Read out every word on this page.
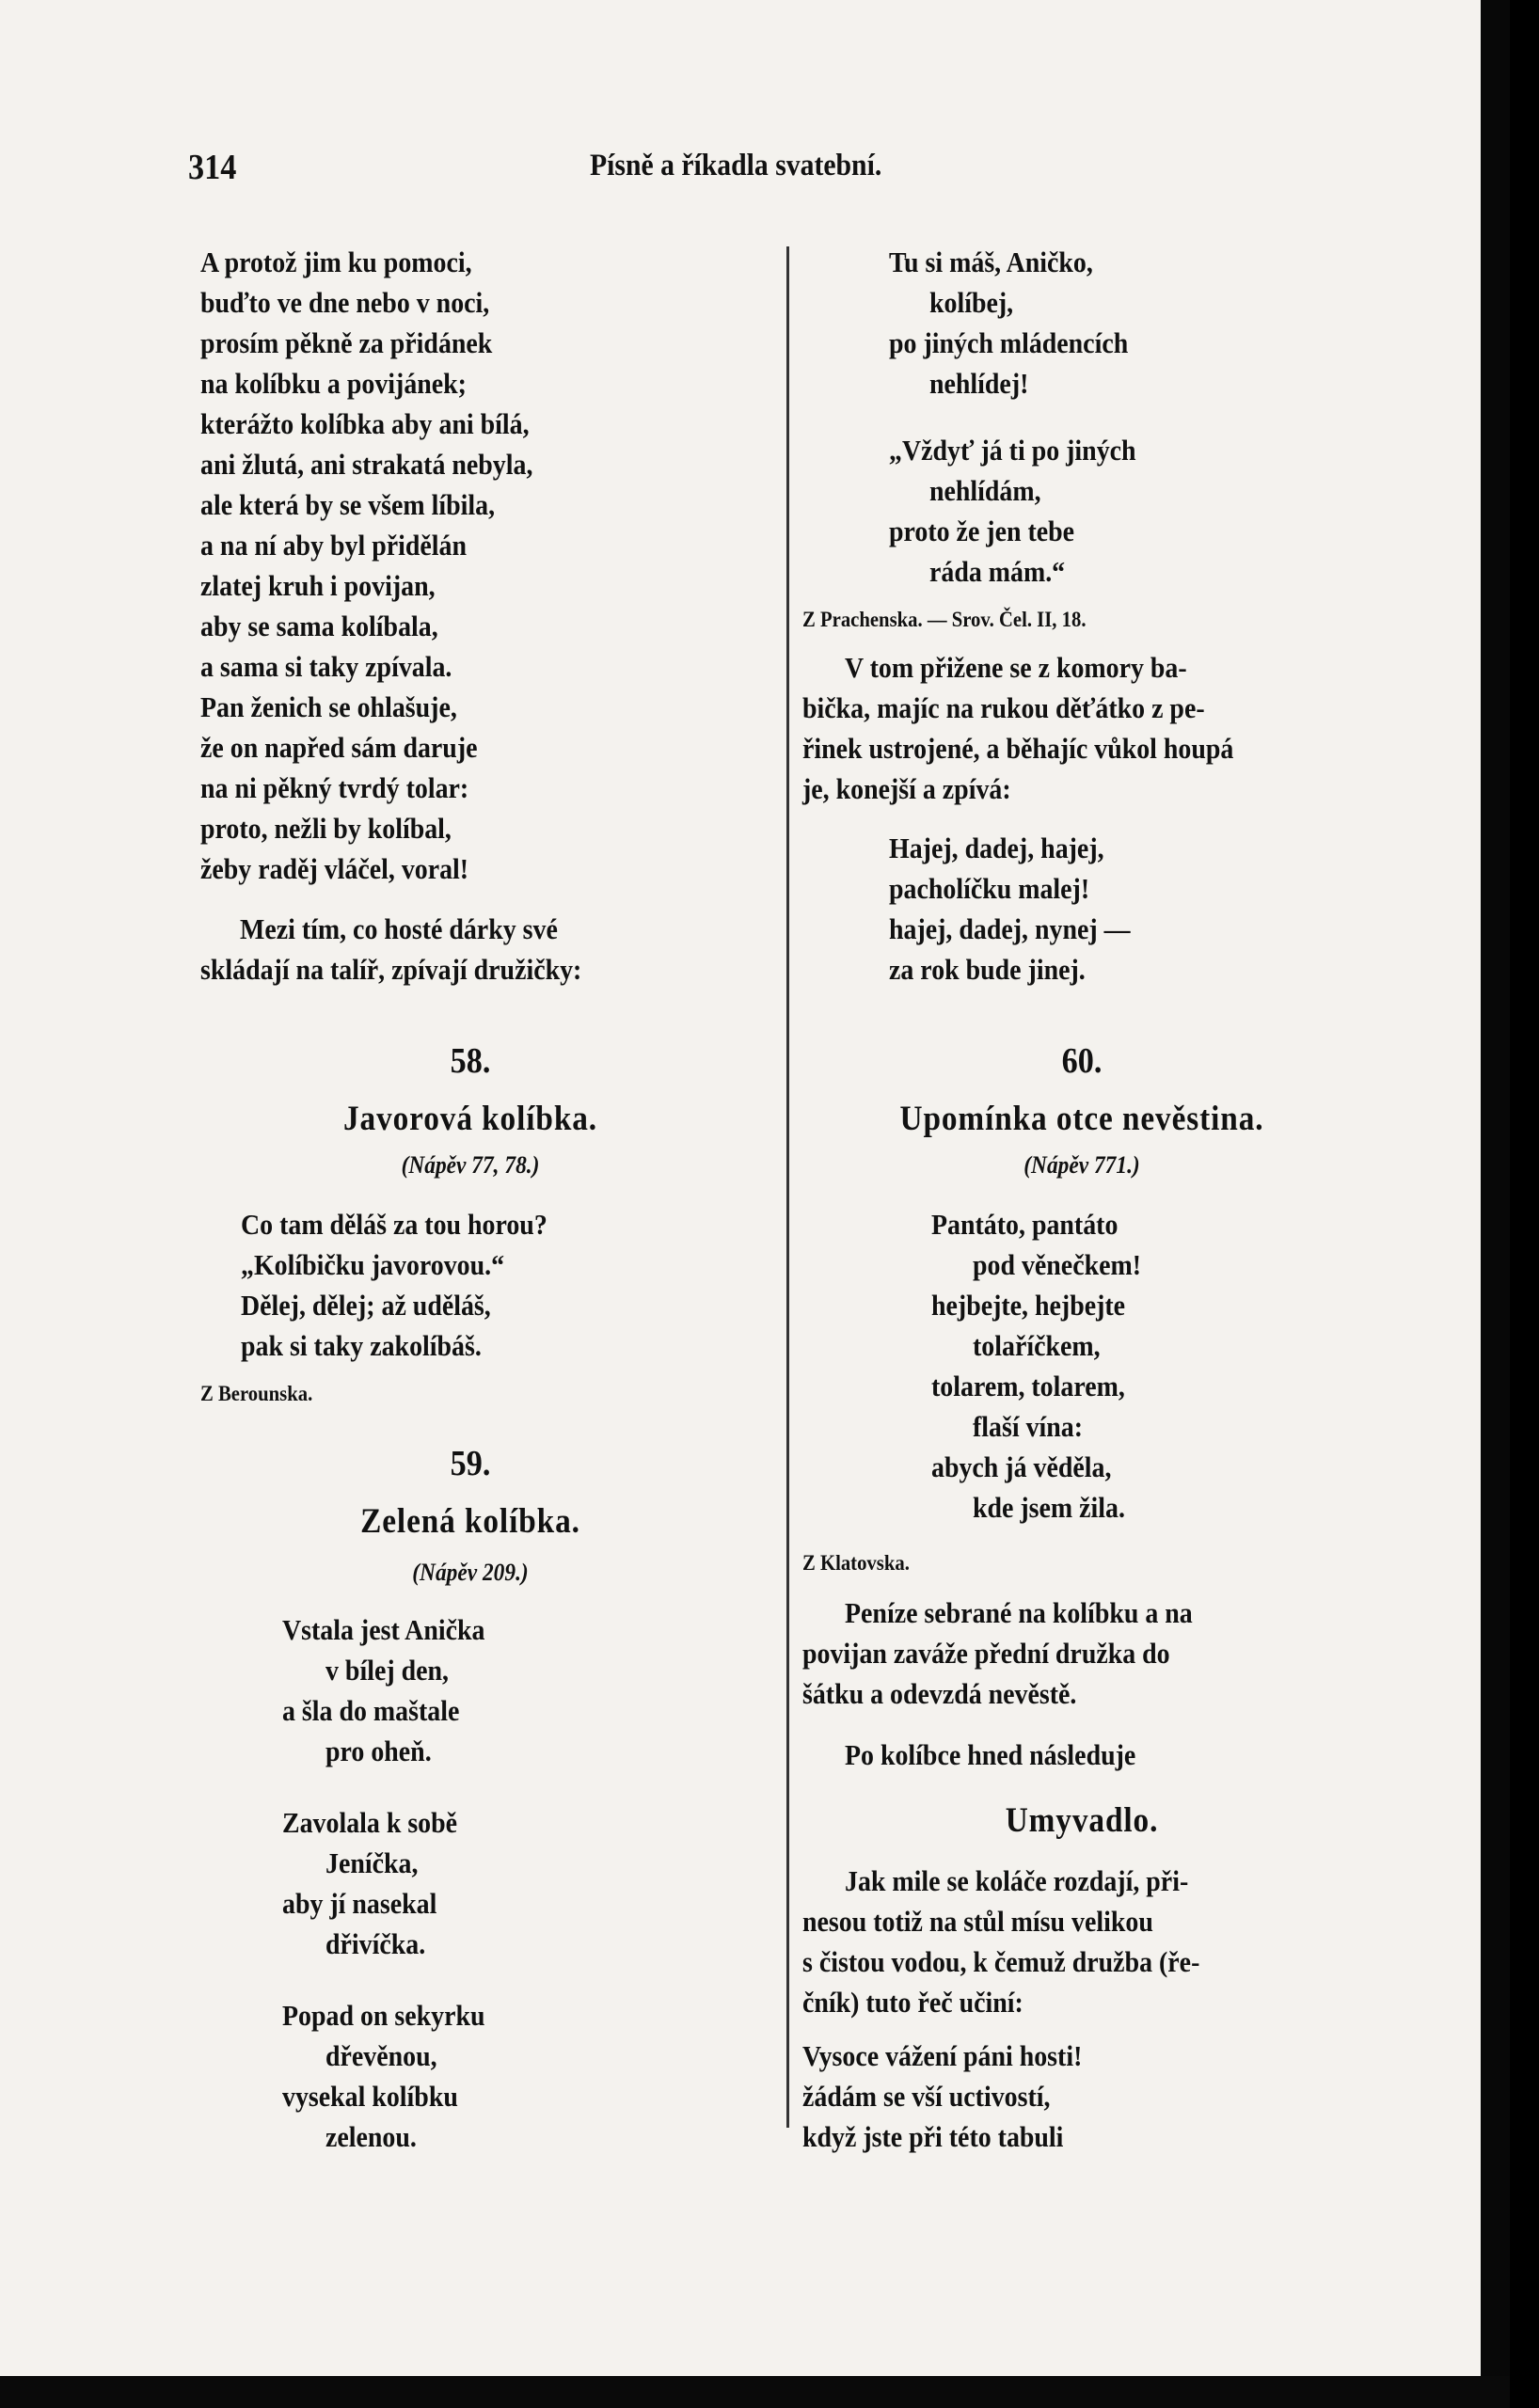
314	Písně a říkadla svatební.
A protož jim ku pomoci,
buďto ve dne nebo v noci,
prosím pěkně za přidánek
na kolíbku a povijánek;
kterážto kolíbka aby ani bílá,
ani žlutá, ani strakatá nebyla,
ale která by se všem líbila,
a na ní aby byl přidělán
zlatej kruh i povijan,
aby se sama kolíbala,
a sama si taky zpívala.
Pan ženich se ohlašuje,
že on napřed sám daruje
na ni pěkný tvrdý tolar:
proto, nežli by kolíbal,
žeby raděj vláčel, voral!
Mezi tím, co hosté dárky své
skládají na talíř, zpívají družičky:
58.
Javorová kolíbka.
(Nápěv 77, 78.)
Co tam děláš za tou horou?
„Kolíbičku javorovou.“
Dělej, dělej; až uděláš,
pak si taky zakolíbáš.
Z Berounska.
59.
Zelená kolíbka.
(Nápěv 209.)
Vstala jest Anička
v bílej den,
a šla do maštale
pro oheň.
Zavolala k sobě
Jeníčka,
aby jí nasekal
dřivíčka.
Popad on sekyrku
dřevěnou,
vysekal kolíbku
zelenou.
Tu si máš, Aničko,
kolíbej,
po jiných mládencích
nehlídej!
„Vždyť já ti po jiných
nehlídám,
proto že jen tebe
ráda mám.“
Z Prachenska. — Srov. Čel. II, 18.
V tom přižene se z komory ba-
bička, majíc na rukou děťátko z pe-
řinek ustrojené, a běhajíc vůkol houpá
je, konejší a zpívá:
Hajej, dadej, hajej,
pacholíčku malej!
hajej, dadej, nynej —
za rok bude jinej.
60.
Upomínka otce nevěstina.
(Nápěv 771.)
Pantáto, pantáto
pod věnečkem!
hejbejte, hejbejte
tolaříčkem,
tolarem, tolarem,
flaší vína:
abych já věděla,
kde jsem žila.
Z Klatovska.
Peníze sebrané na kolíbku a na
povijan zaváže přední družka do
šátku a odevzdá nevěstě.
Po kolíbce hned následuje
Umyvadlo.
Jak mile se koláče rozdají, při-
nesou totiž na stůl mísu velikou
s čistou vodou, k čemuž družba (ře-
čník) tuto řeč učiní:
Vysoce vážení páni hosti!
žádám se vší uctivostí,
když jste při této tabuli
